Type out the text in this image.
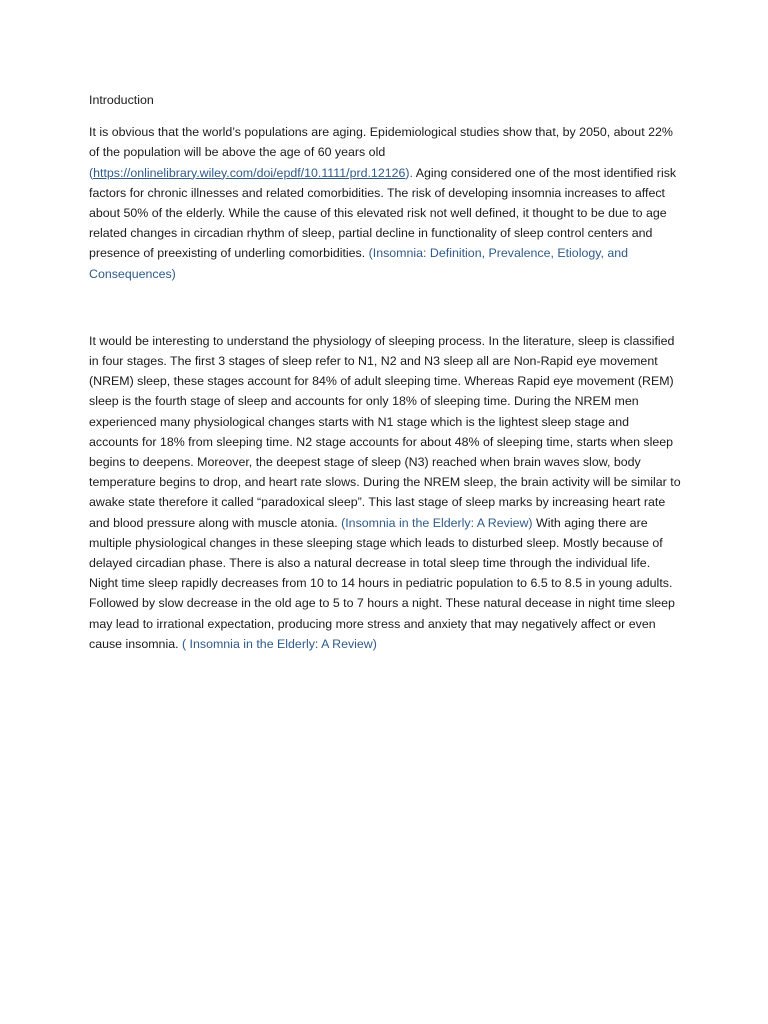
Introduction

It is obvious that the world’s populations are aging. Epidemiological studies show that, by 2050, about 22% of the population will be above the age of 60 years old (https://onlinelibrary.wiley.com/doi/epdf/10.1111/prd.12126). Aging considered one of the most identified risk factors for chronic illnesses and related comorbidities. The risk of developing insomnia increases to affect about 50% of the elderly. While the cause of this elevated risk not well defined, it thought to be due to age related changes in circadian rhythm of sleep, partial decline in functionality of sleep control centers and presence of preexisting of underling comorbidities. (Insomnia: Definition, Prevalence, Etiology, and Consequences)

It would be interesting to understand the physiology of sleeping process. In the literature, sleep is classified in four stages. The first 3 stages of sleep refer to N1, N2 and N3 sleep all are Non-Rapid eye movement (NREM) sleep, these stages account for 84% of adult sleeping time. Whereas Rapid eye movement (REM) sleep is the fourth stage of sleep and accounts for only 18% of sleeping time. During the NREM men experienced many physiological changes starts with N1 stage which is the lightest sleep stage and accounts for 18% from sleeping time. N2 stage accounts for about 48% of sleeping time, starts when sleep begins to deepens. Moreover, the deepest stage of sleep (N3) reached when brain waves slow, body temperature begins to drop, and heart rate slows. During the NREM sleep, the brain activity will be similar to awake state therefore it called “paradoxical sleep”. This last stage of sleep marks by increasing heart rate and blood pressure along with muscle atonia. (Insomnia in the Elderly: A Review) With aging there are multiple physiological changes in these sleeping stage which leads to disturbed sleep. Mostly because of delayed circadian phase. There is also a natural decrease in total sleep time through the individual life. Night time sleep rapidly decreases from 10 to 14 hours in pediatric population to 6.5 to 8.5 in young adults. Followed by slow decrease in the old age to 5 to 7 hours a night. These natural decease in night time sleep may lead to irrational expectation, producing more stress and anxiety that may negatively affect or even cause insomnia. ( Insomnia in the Elderly: A Review)
